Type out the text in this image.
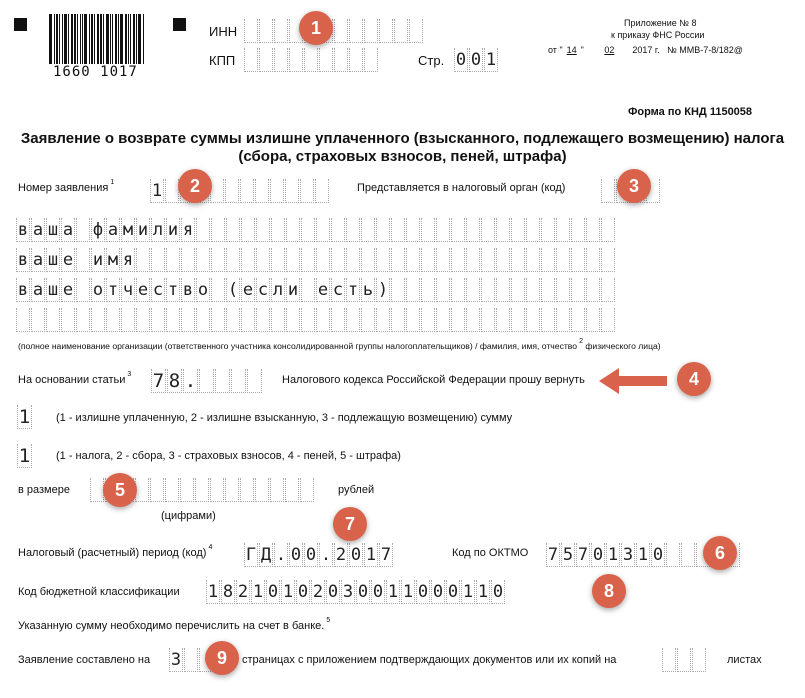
1660 1017
ИНН
КПП	Стр. 0 0 1
Приложение № 8
к приказу ФНС России
от " 14 " 02 2017 г. № ММВ-7-8/182@
Форма по КНД 1150058
Заявление о возврате суммы излишне уплаченного (взысканного, подлежащего возмещению) налога
(сбора, страховых взносов, пеней, штрафа)
Номер заявления $^1$ 1	Представляется в налоговый орган (код)
в а ш а ф а м и л и я
в а ш е и м я
в а ш е о т ч е с т в о ( е с л и е с т ь )
(полное наименование организации (ответственного участника консолидированной группы налогоплательщиков) / фамилия, имя, отчество $^2$ физического лица)
На основании статьи $^3$ 7 8 .	Налогового кодекса Российской Федерации прошу вернуть
1 (1 - излишне уплаченную, 2 - излишне взысканную, 3 - подлежащую возмещению) сумму
1 (1 - налога, 2 - сбора, 3 - страховых взносов, 4 - пеней, 5 - штрафа)
в размере	рублей
(цифрами)
Налоговый (расчетный) период (код) $^4$ Г Д . 0 0 . 2 0 1 7	Код по ОКТМО 7 5 7 0 1 3 1 0
Код бюджетной классификации 1 8 2 1 0 1 0 2 0 3 0 0 1 1 0 0 0 1 1 0
Указанную сумму необходимо перечислить на счет в банке. $^5$
Заявление составлено на 3	страницах с приложением подтверждающих документов или их копий на	листах
1
2	3
4
5
6
7
8
9
